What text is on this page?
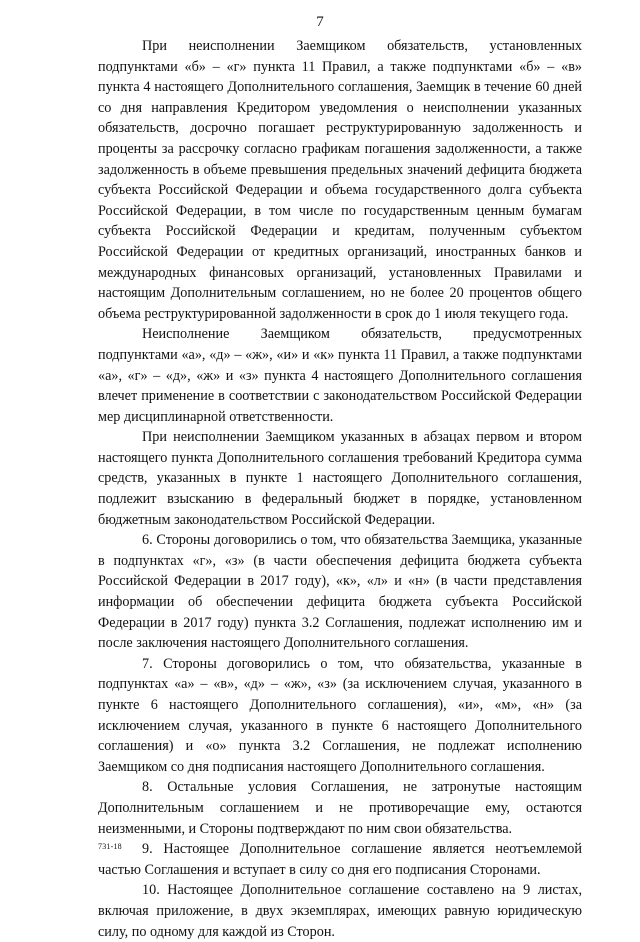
7

При неисполнении Заемщиком обязательств, установленных подпунктами «б» – «г» пункта 11 Правил, а также подпунктами «б» – «в» пункта 4 настоящего Дополнительного соглашения, Заемщик в течение 60 дней со дня направления Кредитором уведомления о неисполнении указанных обязательств, досрочно погашает реструктурированную задолженность и проценты за рассрочку согласно графикам погашения задолженности, а также задолженность в объеме превышения предельных значений дефицита бюджета субъекта Российской Федерации и объема государственного долга субъекта Российской Федерации, в том числе по государственным ценным бумагам субъекта Российской Федерации и кредитам, полученным субъектом Российской Федерации от кредитных организаций, иностранных банков и международных финансовых организаций, установленных Правилами и настоящим Дополнительным соглашением, но не более 20 процентов общего объема реструктурированной задолженности в срок до 1 июля текущего года.

Неисполнение Заемщиком обязательств, предусмотренных подпунктами «а», «д» – «ж», «и» и «к» пункта 11 Правил, а также подпунктами «а», «г» – «д», «ж» и «з» пункта 4 настоящего Дополнительного соглашения влечет применение в соответствии с законодательством Российской Федерации мер дисциплинарной ответственности.

При неисполнении Заемщиком указанных в абзацах первом и втором настоящего пункта Дополнительного соглашения требований Кредитора сумма средств, указанных в пункте 1 настоящего Дополнительного соглашения, подлежит взысканию в федеральный бюджет в порядке, установленном бюджетным законодательством Российской Федерации.

6. Стороны договорились о том, что обязательства Заемщика, указанные в подпунктах «г», «з» (в части обеспечения дефицита бюджета субъекта Российской Федерации в 2017 году), «к», «л» и «н» (в части представления информации об обеспечении дефицита бюджета субъекта Российской Федерации в 2017 году) пункта 3.2 Соглашения, подлежат исполнению им и после заключения настоящего Дополнительного соглашения.

7. Стороны договорились о том, что обязательства, указанные в подпунктах «а» – «в», «д» – «ж», «з» (за исключением случая, указанного в пункте 6 настоящего Дополнительного соглашения), «и», «м», «н» (за исключением случая, указанного в пункте 6 настоящего Дополнительного соглашения) и «о» пункта 3.2 Соглашения, не подлежат исполнению Заемщиком со дня подписания настоящего Дополнительного соглашения.

8. Остальные условия Соглашения, не затронутые настоящим Дополнительным соглашением и не противоречащие ему, остаются неизменными, и Стороны подтверждают по ним свои обязательства.

9. Настоящее Дополнительное соглашение является неотъемлемой частью Соглашения и вступает в силу со дня его подписания Сторонами.

10. Настоящее Дополнительное соглашение составлено на 9 листах, включая приложение, в двух экземплярах, имеющих равную юридическую силу, по одному для каждой из Сторон.

731-18
